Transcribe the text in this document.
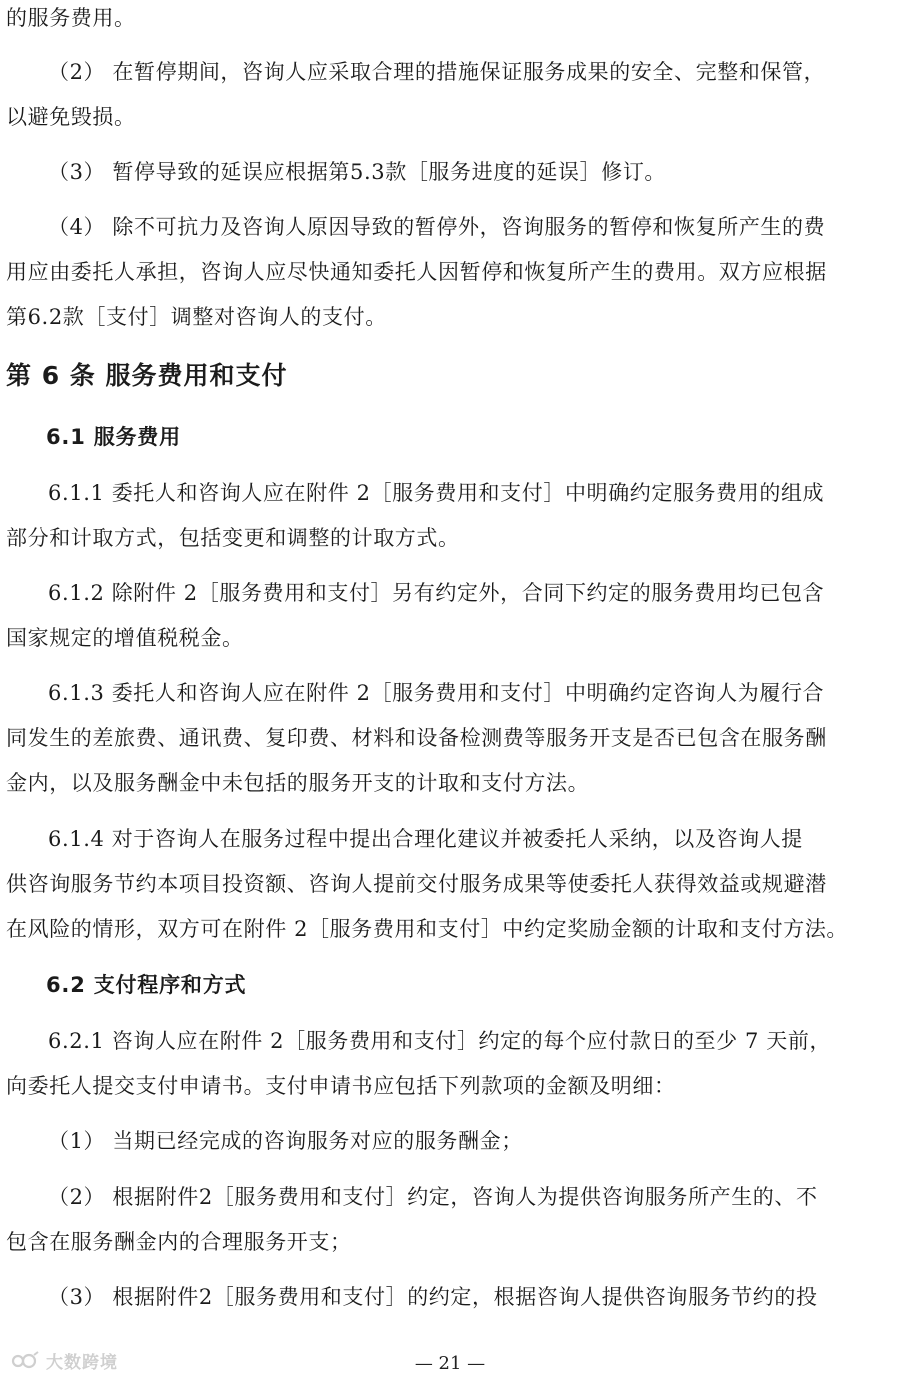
的服务费用。

（2） 在暂停期间，咨询人应采取合理的措施保证服务成果的安全、完整和保管，

以避免毁损。

（3） 暂停导致的延误应根据第5.3款［服务进度的延误］修订。

（4） 除不可抗力及咨询人原因导致的暂停外，咨询服务的暂停和恢复所产生的费

用应由委托人承担，咨询人应尽快通知委托人因暂停和恢复所产生的费用。双方应根据

第6.2款［支付］调整对咨询人的支付。

第 6 条 服务费用和支付
6.1 服务费用

6.1.1 委托人和咨询人应在附件 2［服务费用和支付］中明确约定服务费用的组成

部分和计取方式，包括变更和调整的计取方式。

6.1.2 除附件 2［服务费用和支付］另有约定外，合同下约定的服务费用均已包含

国家规定的增值税税金。

6.1.3 委托人和咨询人应在附件 2［服务费用和支付］中明确约定咨询人为履行合

同发生的差旅费、通讯费、复印费、材料和设备检测费等服务开支是否已包含在服务酬

金内，以及服务酬金中未包括的服务开支的计取和支付方法。

6.1.4 对于咨询人在服务过程中提出合理化建议并被委托人采纳，以及咨询人提

供咨询服务节约本项目投资额、咨询人提前交付服务成果等使委托人获得效益或规避潜

在风险的情形，双方可在附件 2［服务费用和支付］中约定奖励金额的计取和支付方法。

6.2 支付程序和方式

6.2.1 咨询人应在附件 2［服务费用和支付］约定的每个应付款日的至少 7 天前，

向委托人提交支付申请书。支付申请书应包括下列款项的金额及明细：

（1） 当期已经完成的咨询服务对应的服务酬金；

（2） 根据附件2［服务费用和支付］约定，咨询人为提供咨询服务所产生的、不

包含在服务酬金内的合理服务开支；

（3） 根据附件2［服务费用和支付］的约定，根据咨询人提供咨询服务节约的投

大数跨境	— 21 —
